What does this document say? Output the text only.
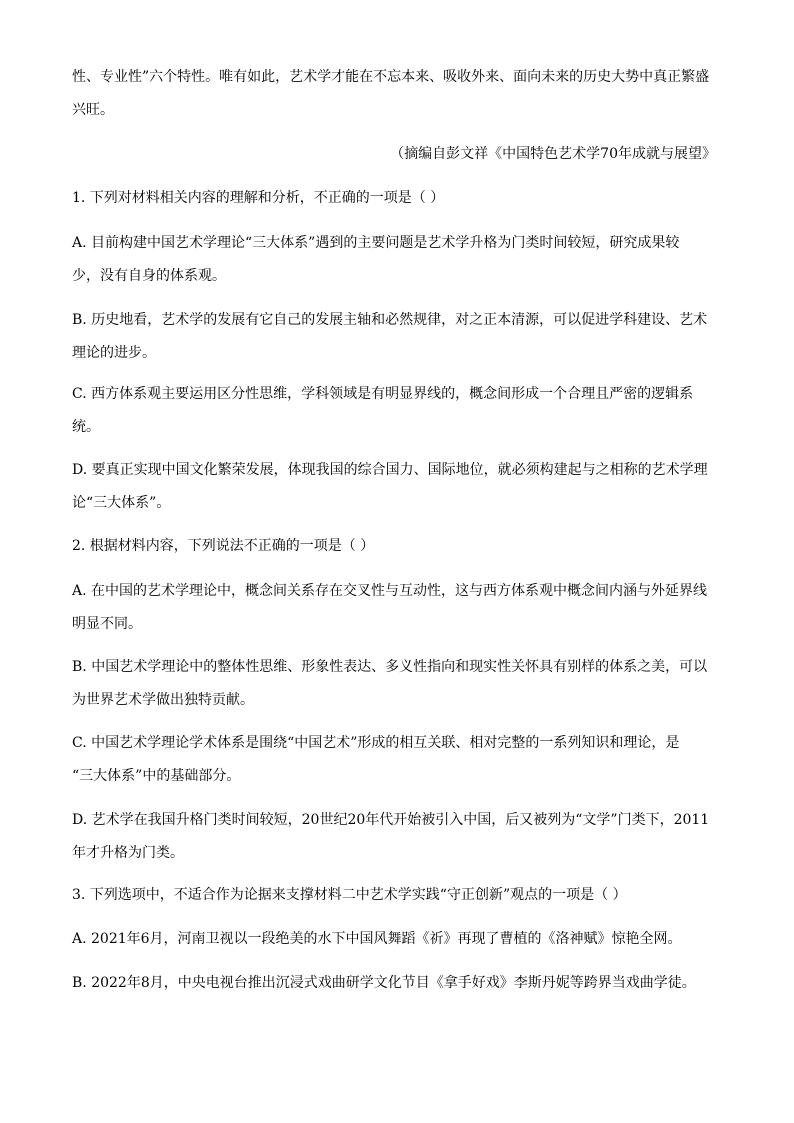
性、专业性”六个特性。唯有如此，艺术学才能在不忘本来、吸收外来、面向未来的历史大势中真正繁盛
兴旺。
（摘编自彭文祥《中国特色艺术学70年成就与展望》
1. 下列对材料相关内容的理解和分析，不正确的一项是（ ）
A. 目前构建中国艺术学理论“三大体系”遇到的主要问题是艺术学升格为门类时间较短，研究成果较
少，没有自身的体系观。
B. 历史地看，艺术学的发展有它自己的发展主轴和必然规律，对之正本清源，可以促进学科建设、艺术
理论的进步。
C. 西方体系观主要运用区分性思维，学科领域是有明显界线的，概念间形成一个合理且严密的逻辑系
统。
D. 要真正实现中国文化繁荣发展，体现我国的综合国力、国际地位，就必须构建起与之相称的艺术学理
论“三大体系”。
2. 根据材料内容，下列说法不正确的一项是（ ）
A. 在中国的艺术学理论中，概念间关系存在交叉性与互动性，这与西方体系观中概念间内涵与外延界线
明显不同。
B. 中国艺术学理论中的整体性思维、形象性表达、多义性指向和现实性关怀具有别样的体系之美，可以
为世界艺术学做出独特贡献。
C. 中国艺术学理论学术体系是围绕“中国艺术”形成的相互关联、相对完整的一系列知识和理论，是
“三大体系”中的基础部分。
D. 艺术学在我国升格门类时间较短，20世纪20年代开始被引入中国，后又被列为“文学”门类下，2011
年才升格为门类。
3. 下列选项中，不适合作为论据来支撑材料二中艺术学实践“守正创新”观点的一项是（ ）
A. 2021年6月，河南卫视以一段绝美的水下中国风舞蹈《祈》再现了曹植的《洛神赋》惊艳全网。
B. 2022年8月，中央电视台推出沉浸式戏曲研学文化节目《拿手好戏》李斯丹妮等跨界当戏曲学徒。
